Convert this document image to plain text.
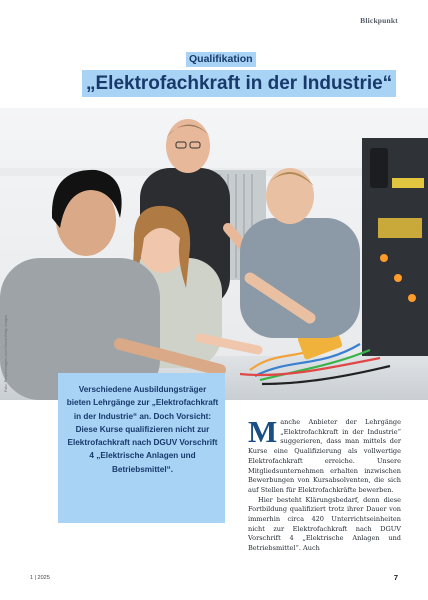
Blickpunkt
Qualifikation
„Elektrofachkraft in der Industrie“
Foto: PeopleImages.com/iStock/Getty Images	Verschiedene Ausbildungsträger bieten Lehrgänge zur „Elektrofachkraft in der Industrie“ an. Doch Vorsicht: Diese Kurse qualifizieren nicht zur Elektrofachkraft nach DGUV Vorschrift 4 „Elektrische Anlagen und Betriebsmittel“.

Manche Anbieter der Lehrgänge „Elektrofachkraft in der Industrie“ suggerieren, dass man mittels der Kurse eine Qualifizierung als vollwertige Elektrofachkraft erreiche. Unsere Mitgliedsunternehmen erhalten inzwischen Bewerbungen von Kursabsolventen, die sich auf Stellen für Elektrofachkräfte bewerben.

Hier besteht Klärungsbedarf, denn diese Fortbildung qualifiziert trotz ihrer Dauer von immerhin circa 420 Unterrichtseinheiten nicht zur Elektrofachkraft nach DGUV Vorschrift 4 „Elektrische Anlagen und Betriebsmittel“. Auch

1 | 2025	7
